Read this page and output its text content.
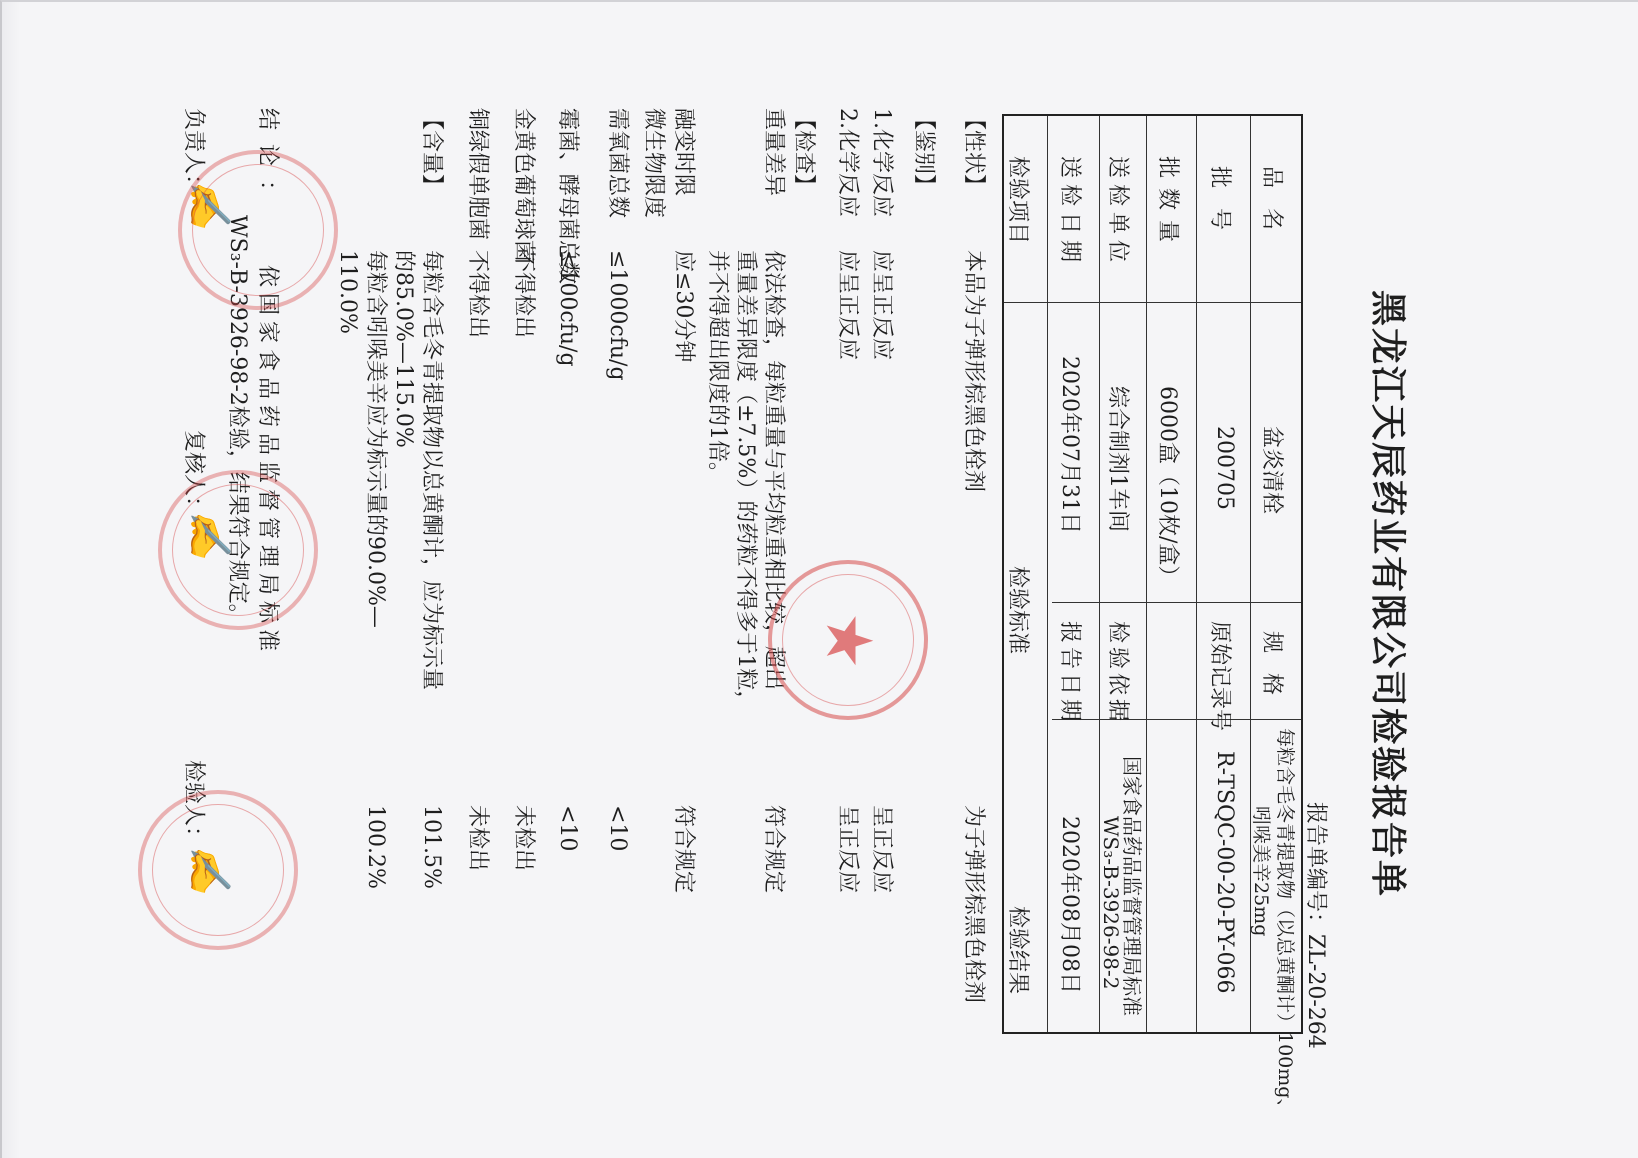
黑龙江天辰药业有限公司检验报告单
报告单编号：ZL-20-264
品名
盆炎清栓
规格
每粒含毛冬青提取物（以总黄酮计）100mg、
吲哚美辛25mg
批号
200705
原始记录号
R-TSQC-00-20-PY-066
批数量
6000盒（10枚/盒）
送检单位
综合制剂1车间
检验依据
国家食品药品监督管理局标准
WS₃-B-3926-98-2
送检日期
2020年07月31日
报告日期
2020年08月08日
检验项目
检验标准
检验结果
【性状】
本品为子弹形棕黑色栓剂
为子弹形棕黑色栓剂
【鉴别】
1.化学反应
应呈正反应
呈正反应
2.化学反应
应呈正反应
呈正反应
【检查】
重量差异
依法检查，每粒重量与平均粒重相比较，超出
符合规定
重量差异限度（±7.5%）的药粒不得多于1粒，
并不得超出限度的1倍。
融变时限
应≤30分钟
符合规定
微生物限度
需氧菌总数
≤1000cfu/g
<10
霉菌、酵母菌总数
≤100cfu/g
<10
金黄色葡萄球菌
不得检出
未检出
铜绿假单胞菌
不得检出
未检出
【含量】
每粒含毛冬青提取物以总黄酮计，应为标示量
101.5%
的85.0%—115.0%
每粒含吲哚美辛应为标示量的90.0%—
100.2%
110.0%
结论：
依国家食品药品监督管理局标准
WS₃-B-3926-98-2检验，结果符合规定。
负责人：
✍
复核人：
✍
检验人：
✍
★
